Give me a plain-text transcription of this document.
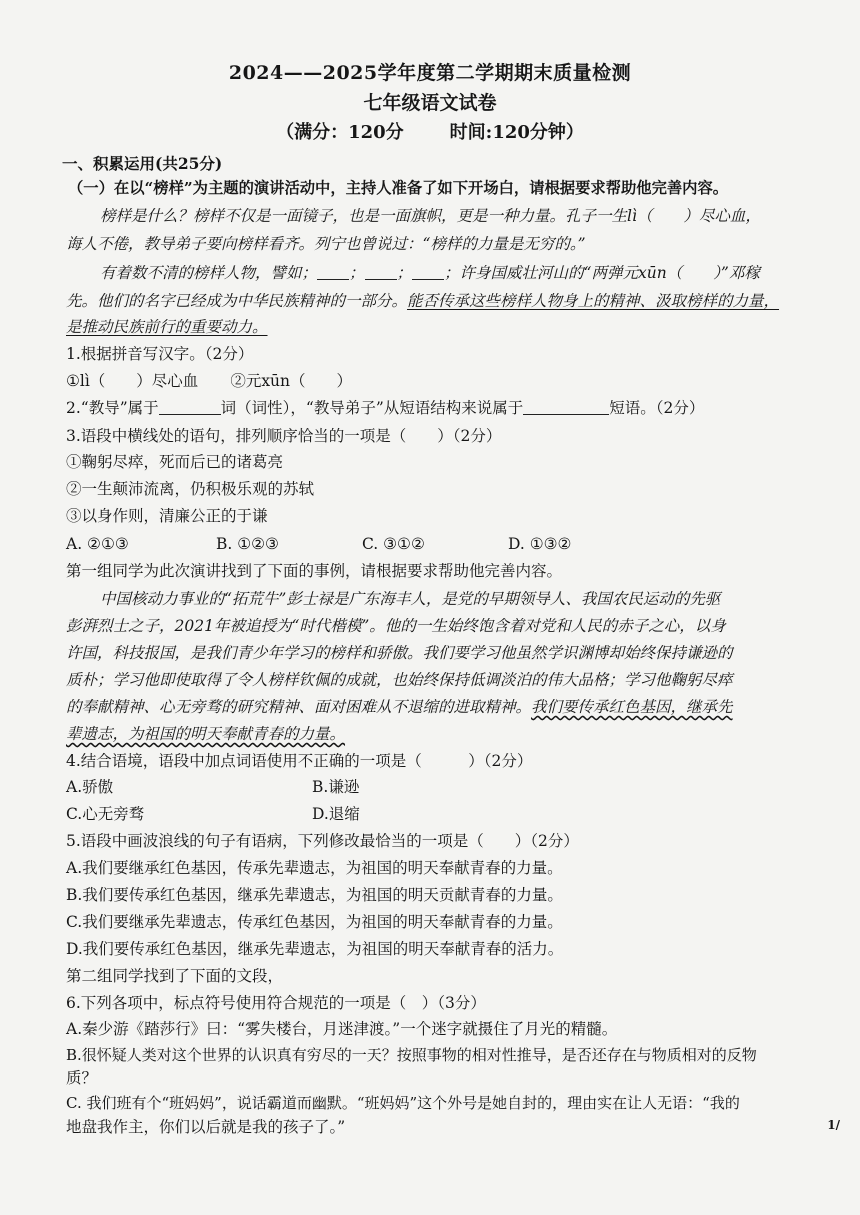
2024——2025学年度第二学期期末质量检测
七年级语文试卷
（满分：120分	时间:120分钟）
一、积累运用(共25分)
（一）在以“榜样”为主题的演讲活动中，主持人准备了如下开场白，请根据要求帮助他完善内容。
榜样是什么？榜样不仅是一面镜子，也是一面旗帜，更是一种力量。孔子一生lì（　　）尽心血，
诲人不倦，教导弟子要向榜样看齐。列宁也曾说过：“榜样的力量是无穷的。”
有着数不清的榜样人物，譬如； ； ； ；许身国威壮河山的“两弹元xūn（　　）”邓稼
先。他们的名字已经成为中华民族精神的一部分。能否传承这些榜样人物身上的精神、汲取榜样的力量，
是推动民族前行的重要动力。
1.根据拼音写汉字。（2分）
①lì（　　）尽心血 ②元xūn（　　）
2.“教导”属于	词（词性），“教导弟子”从短语结构来说属于	短语。（2分）
3.语段中横线处的语句，排列顺序恰当的一项是（　　）（2分）
①鞠躬尽瘁，死而后已的诸葛亮
②一生颠沛流离，仍积极乐观的苏轼
③以身作则，清廉公正的于谦
A. ②①③	B. ①②③	C. ③①②	D. ①③②
第一组同学为此次演讲找到了下面的事例，请根据要求帮助他完善内容。
中国核动力事业的“拓荒牛”彭士禄是广东海丰人，是党的早期领导人、我国农民运动的先驱
彭湃烈士之子，2021年被追授为“时代楷模”。他的一生始终饱含着对党和人民的赤子之心，以身
许国，科技报国，是我们青少年学习的榜样和骄傲。我们要学习他虽然学识渊博却始终保持谦逊的
质朴；学习他即使取得了令人榜样钦佩的成就，也始终保持低调淡泊的伟大品格；学习他鞠躬尽瘁
的奉献精神、心无旁骛的研究精神、面对困难从不退缩的进取精神。我们要传承红色基因，继承先
辈遗志，为祖国的明天奉献青春的力量。
4.结合语境，语段中加点词语使用不正确的一项是（　　　）（2分）
A.骄傲	B.谦逊
C.心无旁骛	D.退缩
5.语段中画波浪线的句子有语病，下列修改最恰当的一项是（　　）（2分）
A.我们要继承红色基因，传承先辈遗志，为祖国的明天奉献青春的力量。
B.我们要传承红色基因，继承先辈遗志，为祖国的明天贡献青春的力量。
C.我们要继承先辈遗志，传承红色基因，为祖国的明天奉献青春的力量。
D.我们要传承红色基因，继承先辈遗志，为祖国的明天奉献青春的活力。
第二组同学找到了下面的文段，
6.下列各项中，标点符号使用符合规范的一项是（　）（3分）
A.秦少游《踏莎行》曰：“雾失楼台，月迷津渡。”一个迷字就摄住了月光的精髓。
B.很怀疑人类对这个世界的认识真有穷尽的一天？按照事物的相对性推导，是否还存在与物质相对的反物
质？
C. 我们班有个“班妈妈”，说话霸道而幽默。“班妈妈”这个外号是她自封的，理由实在让人无语：“我的
地盘我作主，你们以后就是我的孩子了。”	1/
